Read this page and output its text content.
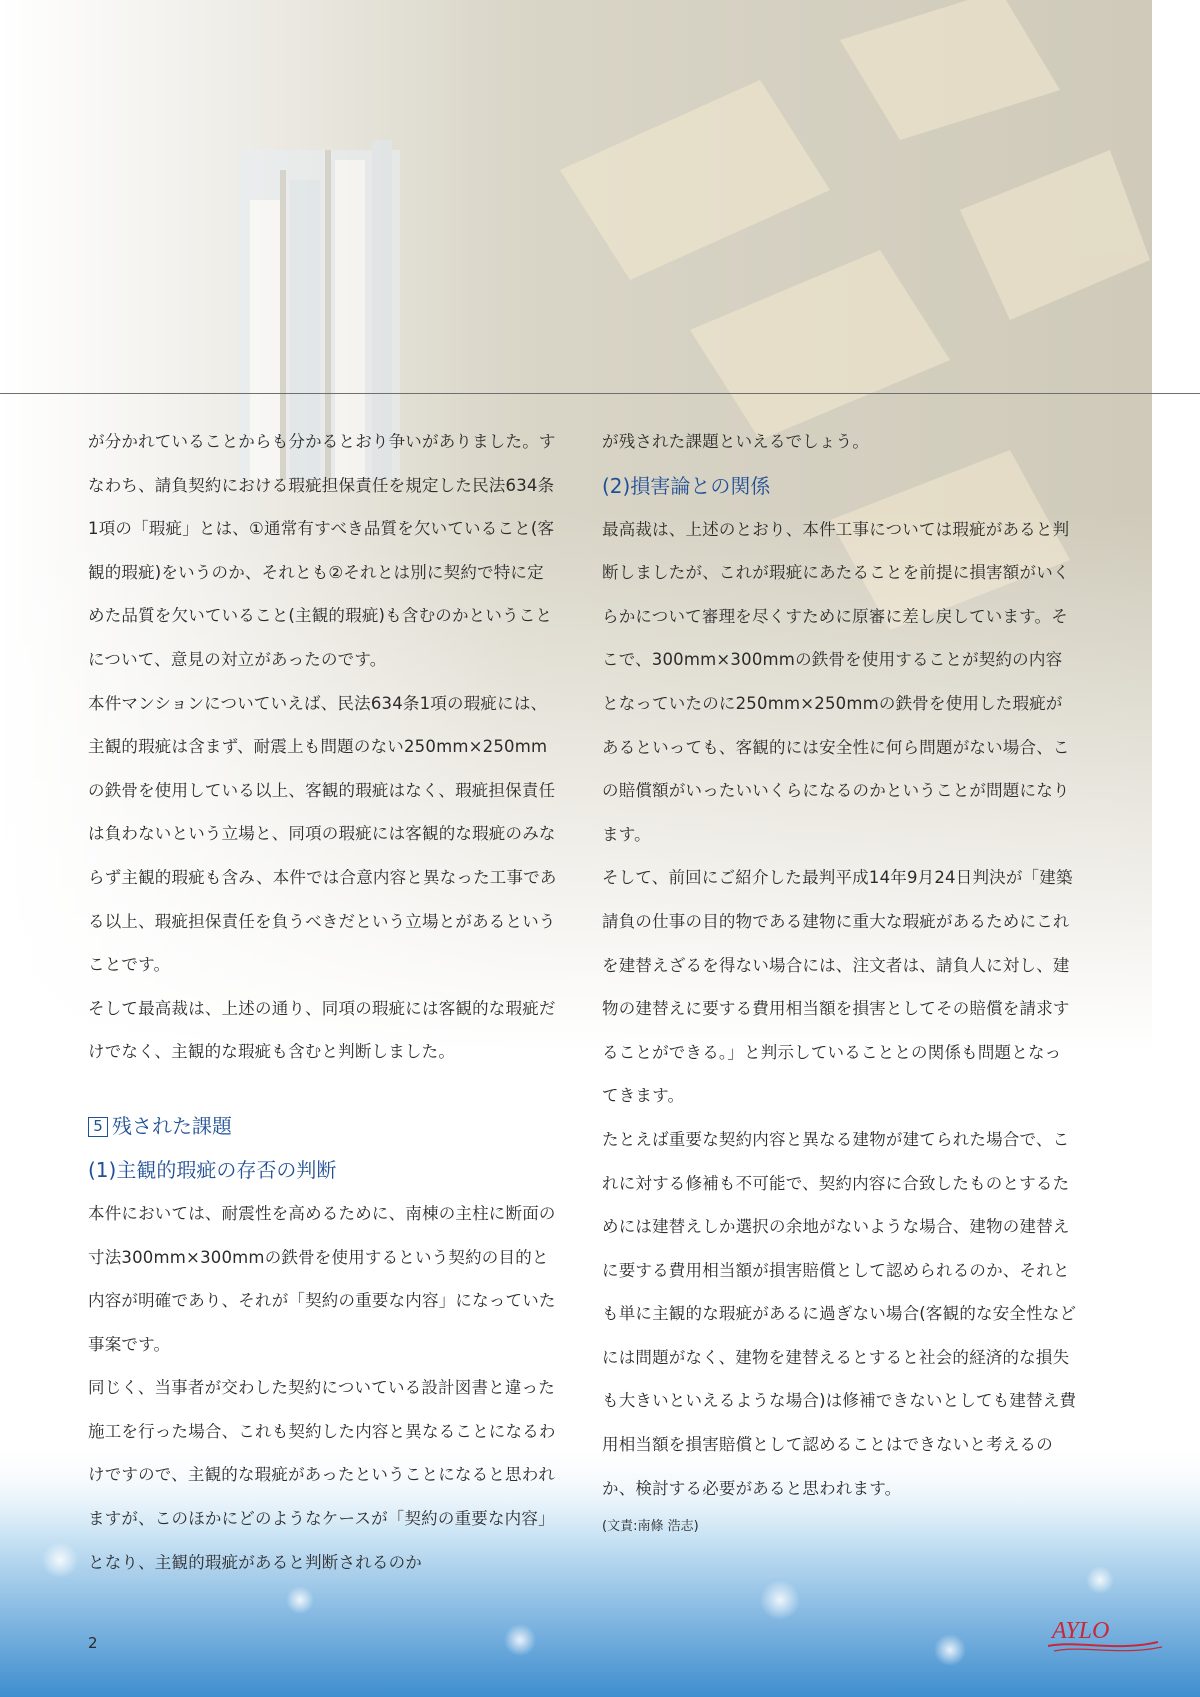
が分かれていることからも分かるとおり争いがありました。すなわち、請負契約における瑕疵担保責任を規定した民法634条1項の「瑕疵」とは、①通常有すべき品質を欠いていること(客観的瑕疵)をいうのか、それとも②それとは別に契約で特に定めた品質を欠いていること(主観的瑕疵)も含むのかということについて、意見の対立があったのです。

本件マンションについていえば、民法634条1項の瑕疵には、主観的瑕疵は含まず、耐震上も問題のない250mm×250mmの鉄骨を使用している以上、客観的瑕疵はなく、瑕疵担保責任は負わないという立場と、同項の瑕疵には客観的な瑕疵のみならず主観的瑕疵も含み、本件では合意内容と異なった工事である以上、瑕疵担保責任を負うべきだという立場とがあるということです。

そして最高裁は、上述の通り、同項の瑕疵には客観的な瑕疵だけでなく、主観的な瑕疵も含むと判断しました。

5 残された課題
(1)主観的瑕疵の存否の判断

本件においては、耐震性を高めるために、南棟の主柱に断面の寸法300mm×300mmの鉄骨を使用するという契約の目的と内容が明確であり、それが「契約の重要な内容」になっていた事案です。

同じく、当事者が交わした契約についている設計図書と違った施工を行った場合、これも契約した内容と異なることになるわけですので、主観的な瑕疵があったということになると思われますが、このほかにどのようなケースが「契約の重要な内容」となり、主観的瑕疵があると判断されるのか

が残された課題といえるでしょう。

(2)損害論との関係

最高裁は、上述のとおり、本件工事については瑕疵があると判断しましたが、これが瑕疵にあたることを前提に損害額がいくらかについて審理を尽くすために原審に差し戻しています。そこで、300mm×300mmの鉄骨を使用することが契約の内容となっていたのに250mm×250mmの鉄骨を使用した瑕疵があるといっても、客観的には安全性に何ら問題がない場合、この賠償額がいったいいくらになるのかということが問題になります。

そして、前回にご紹介した最判平成14年9月24日判決が「建築請負の仕事の目的物である建物に重大な瑕疵があるためにこれを建替えざるを得ない場合には、注文者は、請負人に対し、建物の建替えに要する費用相当額を損害としてその賠償を請求することができる。」と判示していることとの関係も問題となってきます。

たとえば重要な契約内容と異なる建物が建てられた場合で、これに対する修補も不可能で、契約内容に合致したものとするためには建替えしか選択の余地がないような場合、建物の建替えに要する費用相当額が損害賠償として認められるのか、それとも単に主観的な瑕疵があるに過ぎない場合(客観的な安全性などには問題がなく、建物を建替えるとすると社会的経済的な損失も大きいといえるような場合)は修補できないとしても建替え費用相当額を損害賠償として認めることはできないと考えるのか、検討する必要があると思われます。

(文責:南條 浩志)
2	AYLO
